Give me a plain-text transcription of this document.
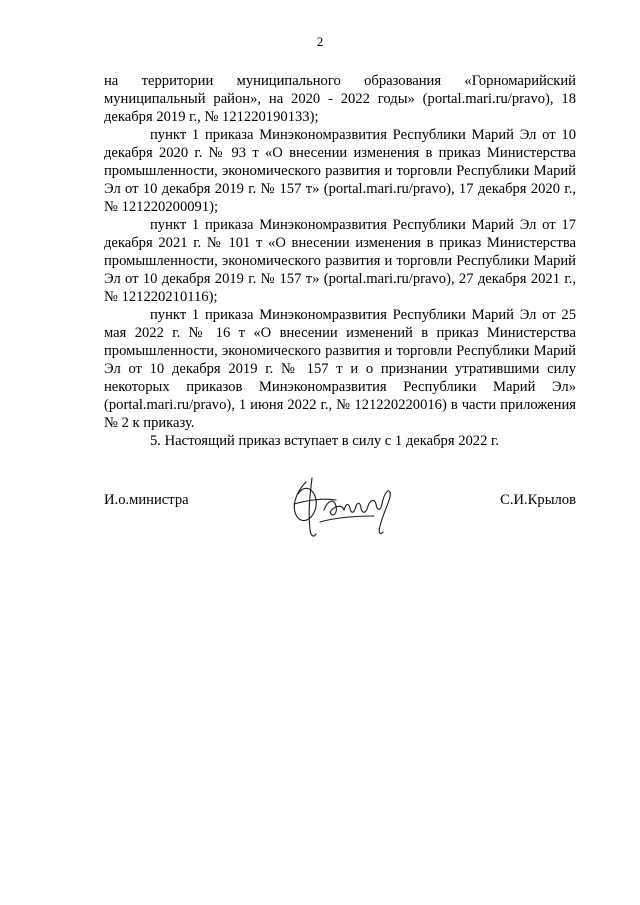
2

на территории муниципального образования «Горномарийский муниципальный район», на 2020 - 2022 годы» (portal.mari.ru/pravo), 18 декабря 2019 г., № 121220190133);

пункт 1 приказа Минэкономразвития Республики Марий Эл от 10 декабря 2020 г. № 93 т «О внесении изменения в приказ Министерства промышленности, экономического развития и торговли Республики Марий Эл от 10 декабря 2019 г. № 157 т» (portal.mari.ru/pravo), 17 декабря 2020 г., № 121220200091);

пункт 1 приказа Минэкономразвития Республики Марий Эл от 17 декабря 2021 г. № 101 т «О внесении изменения в приказ Министерства промышленности, экономического развития и торговли Республики Марий Эл от 10 декабря 2019 г. № 157 т» (portal.mari.ru/pravo), 27 декабря 2021 г., № 121220210116);

пункт 1 приказа Минэкономразвития Республики Марий Эл от 25 мая 2022 г. № 16 т «О внесении изменений в приказ Министерства промышленности, экономического развития и торговли Республики Марий Эл от 10 декабря 2019 г. № 157 т и о признании утратившими силу некоторых приказов Минэкономразвития Республики Марий Эл» (portal.mari.ru/pravo), 1 июня 2022 г., № 121220220016) в части приложения № 2 к приказу.

5. Настоящий приказ вступает в силу с 1 декабря 2022 г.

И.о.министра	С.И.Крылов
